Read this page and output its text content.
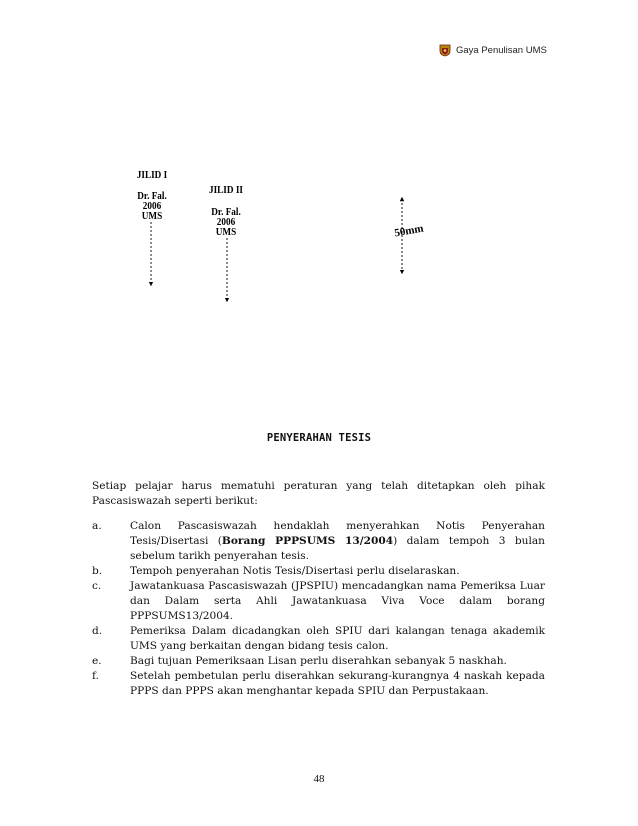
Gaya Penulisan UMS
JILID I
Dr. Fal.
2006
UMS
JILID II
Dr. Fal.
2006
UMS	50mm
PENYERAHAN TESIS
Setiap pelajar harus mematuhi peraturan yang telah ditetapkan oleh pihak Pascasiswazah seperti berikut:
a.	Calon Pascasiswazah hendaklah menyerahkan Notis Penyerahan Tesis/Disertasi (Borang PPPSUMS 13/2004) dalam tempoh 3 bulan sebelum tarikh penyerahan tesis.
b.	Tempoh penyerahan Notis Tesis/Disertasi perlu diselaraskan.
c.	Jawatankuasa Pascasiswazah (JPSPIU) mencadangkan nama Pemeriksa Luar dan Dalam serta Ahli Jawatankuasa Viva Voce dalam borang PPPSUMS13/2004.
d.	Pemeriksa Dalam dicadangkan oleh SPIU dari kalangan tenaga akademik UMS yang berkaitan dengan bidang tesis calon.
e.	Bagi tujuan Pemeriksaan Lisan perlu diserahkan sebanyak 5 naskhah.
f.	Setelah pembetulan perlu diserahkan sekurang-kurangnya 4 naskah kepada PPPS dan PPPS akan menghantar kepada SPIU dan Perpustakaan.
48
